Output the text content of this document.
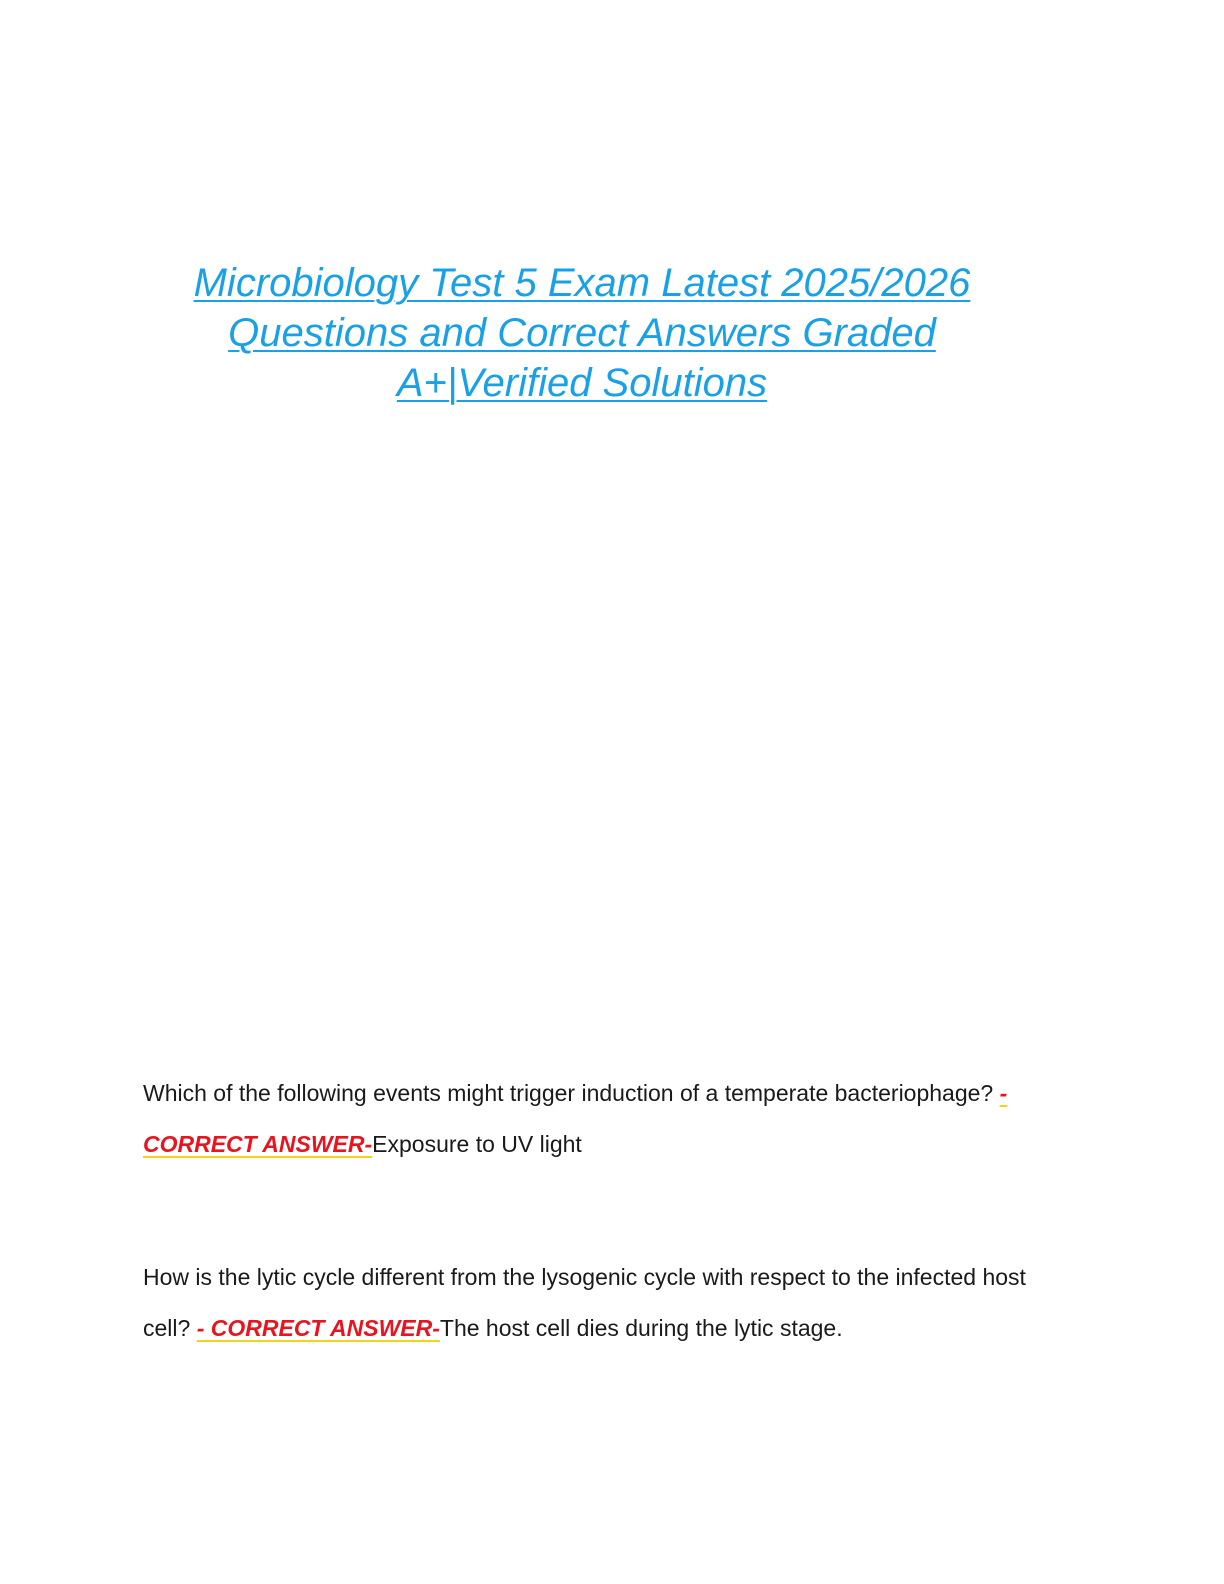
Microbiology Test 5 Exam Latest 2025/2026
Questions and Correct Answers Graded
A+|Verified Solutions

Which of the following events might trigger induction of a temperate bacteriophage? - CORRECT ANSWER-Exposure to UV light

How is the lytic cycle different from the lysogenic cycle with respect to the infected host cell? - CORRECT ANSWER-The host cell dies during the lytic stage.
